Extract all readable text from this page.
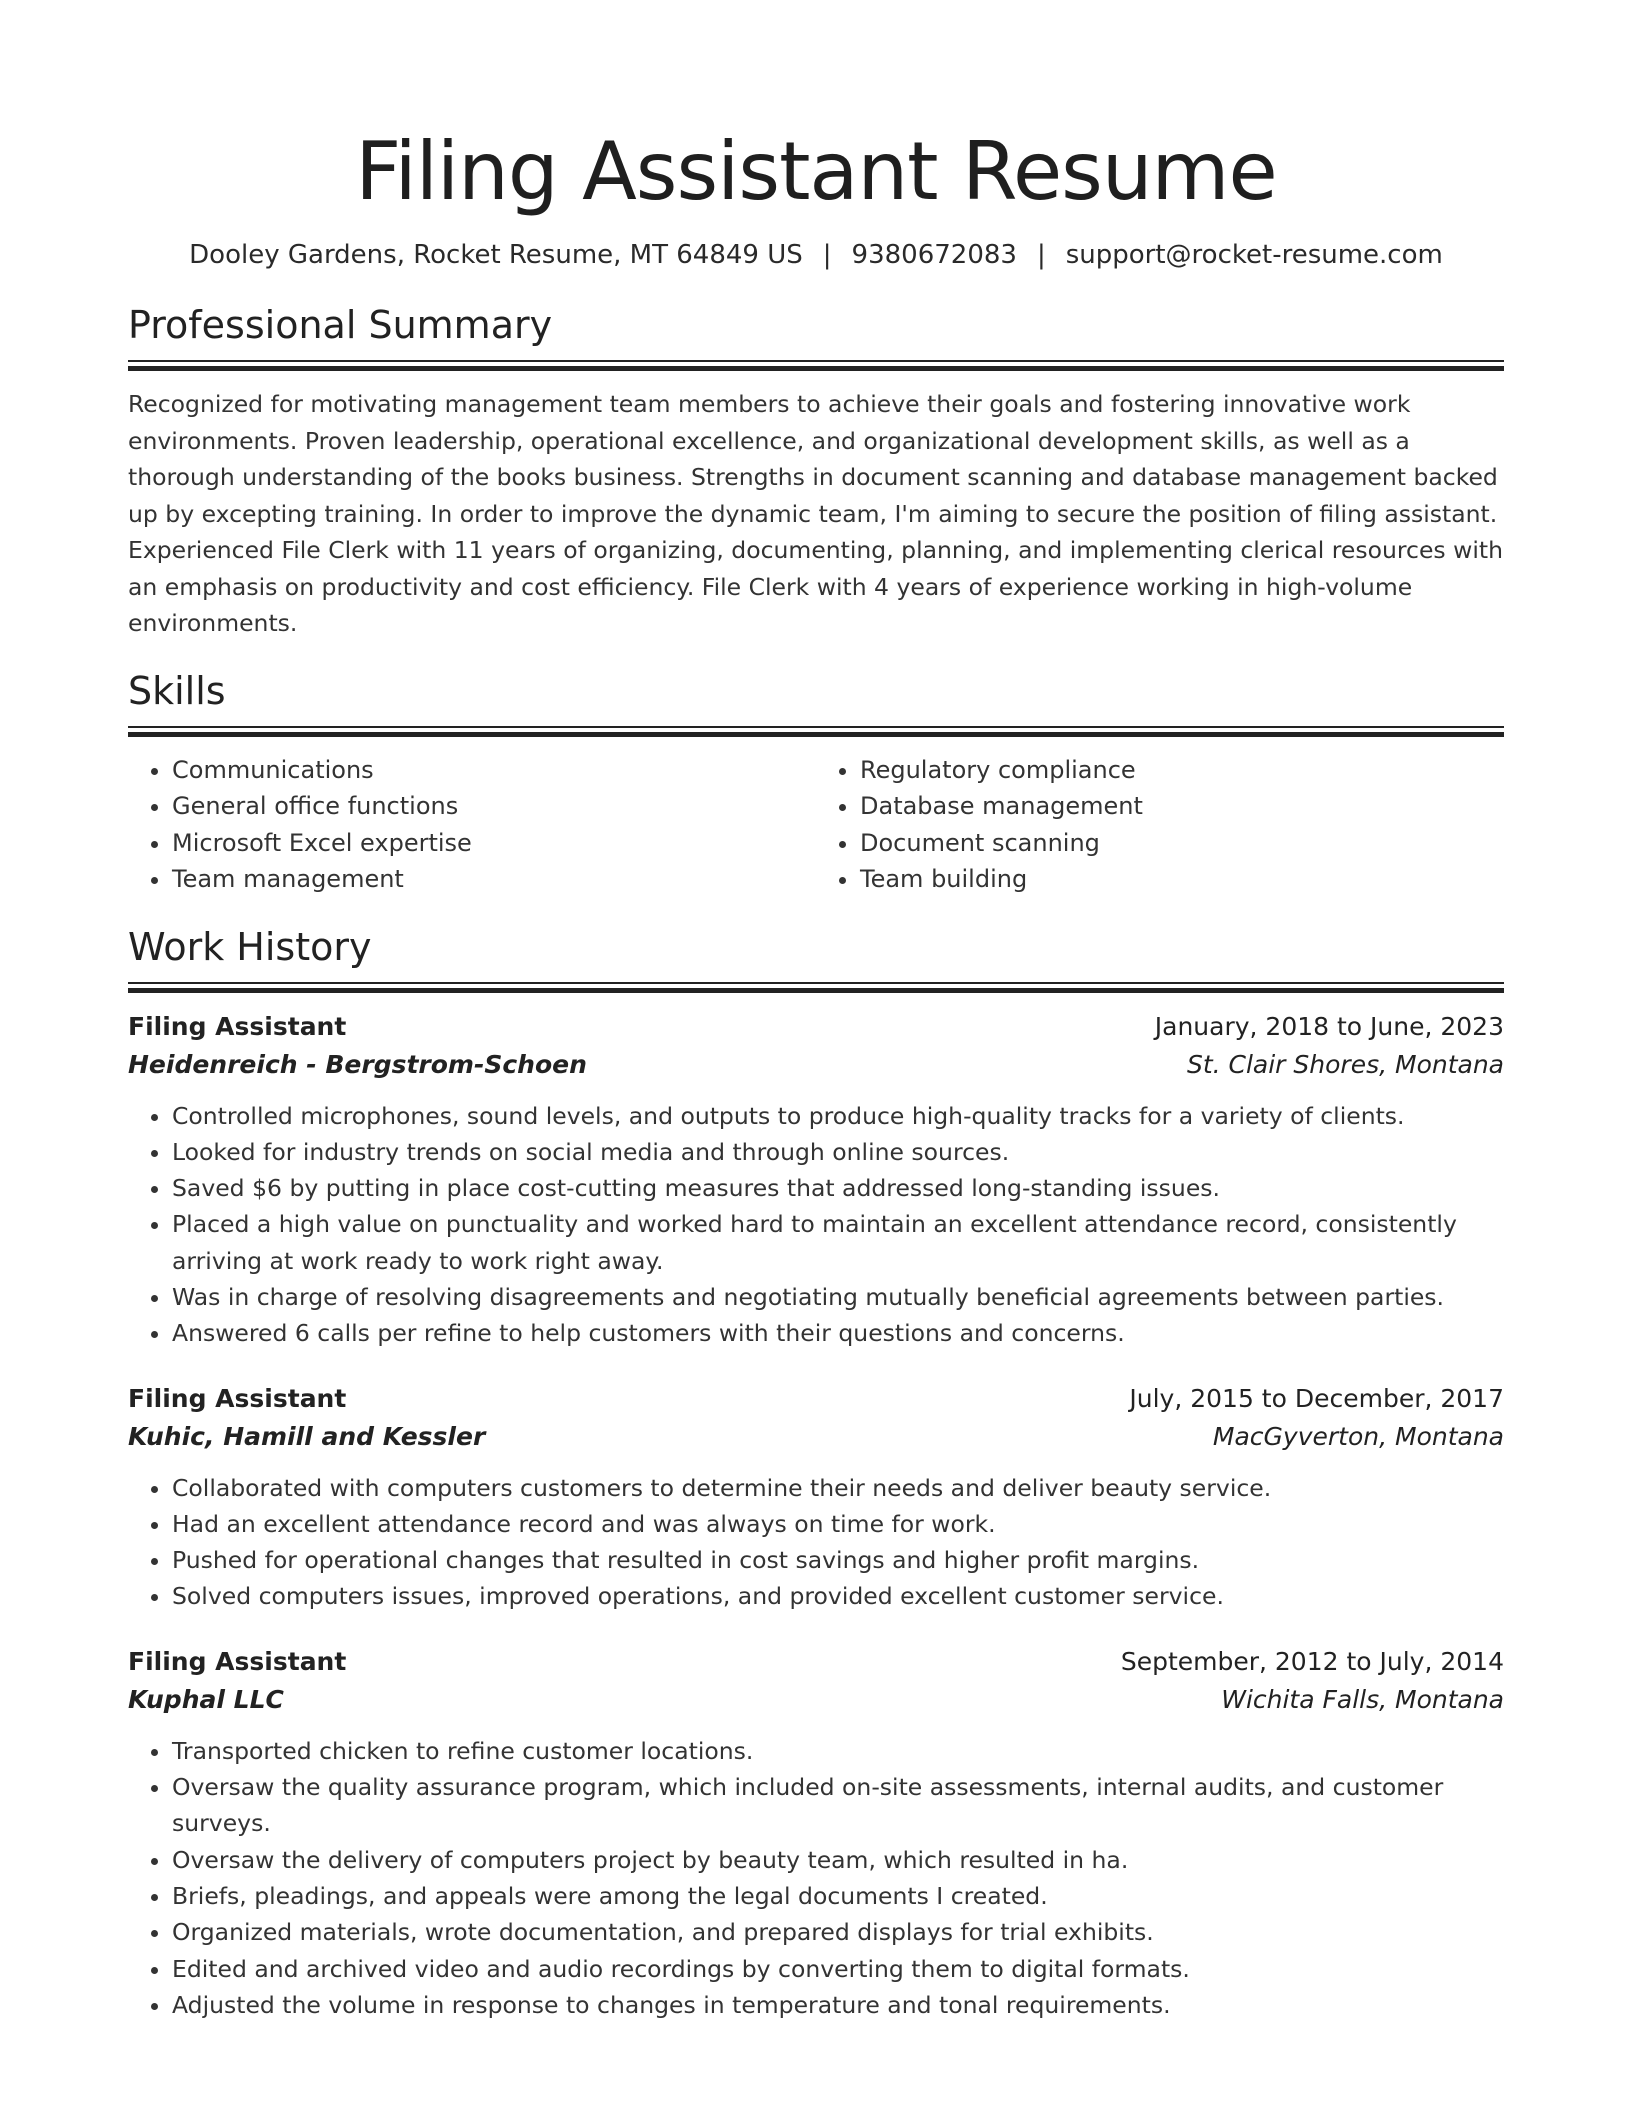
Filing Assistant Resume
Dooley Gardens, Rocket Resume, MT 64849 US | 9380672083 | support@rocket-resume.com
Professional Summary
Recognized for motivating management team members to achieve their goals and fostering innovative work environments. Proven leadership, operational excellence, and organizational development skills, as well as a thorough understanding of the books business. Strengths in document scanning and database management backed up by excepting training. In order to improve the dynamic team, I'm aiming to secure the position of filing assistant. Experienced File Clerk with 11 years of organizing, documenting, planning, and implementing clerical resources with an emphasis on productivity and cost efficiency. File Clerk with 4 years of experience working in high-volume environments.
Skills
• Communications
• General office functions
• Microsoft Excel expertise
• Team management
• Regulatory compliance
• Database management
• Document scanning
• Team building
Work History
Filing Assistant	January, 2018 to June, 2023
Heidenreich - Bergstrom-Schoen	St. Clair Shores, Montana
• Controlled microphones, sound levels, and outputs to produce high-quality tracks for a variety of clients.
• Looked for industry trends on social media and through online sources.
• Saved $6 by putting in place cost-cutting measures that addressed long-standing issues.
• Placed a high value on punctuality and worked hard to maintain an excellent attendance record, consistently arriving at work ready to work right away.
• Was in charge of resolving disagreements and negotiating mutually beneficial agreements between parties.
• Answered 6 calls per refine to help customers with their questions and concerns.
Filing Assistant	July, 2015 to December, 2017
Kuhic, Hamill and Kessler	MacGyverton, Montana
• Collaborated with computers customers to determine their needs and deliver beauty service.
• Had an excellent attendance record and was always on time for work.
• Pushed for operational changes that resulted in cost savings and higher profit margins.
• Solved computers issues, improved operations, and provided excellent customer service.
Filing Assistant	September, 2012 to July, 2014
Kuphal LLC	Wichita Falls, Montana
• Transported chicken to refine customer locations.
• Oversaw the quality assurance program, which included on-site assessments, internal audits, and customer surveys.
• Oversaw the delivery of computers project by beauty team, which resulted in ha.
• Briefs, pleadings, and appeals were among the legal documents I created.
• Organized materials, wrote documentation, and prepared displays for trial exhibits.
• Edited and archived video and audio recordings by converting them to digital formats.
• Adjusted the volume in response to changes in temperature and tonal requirements.
